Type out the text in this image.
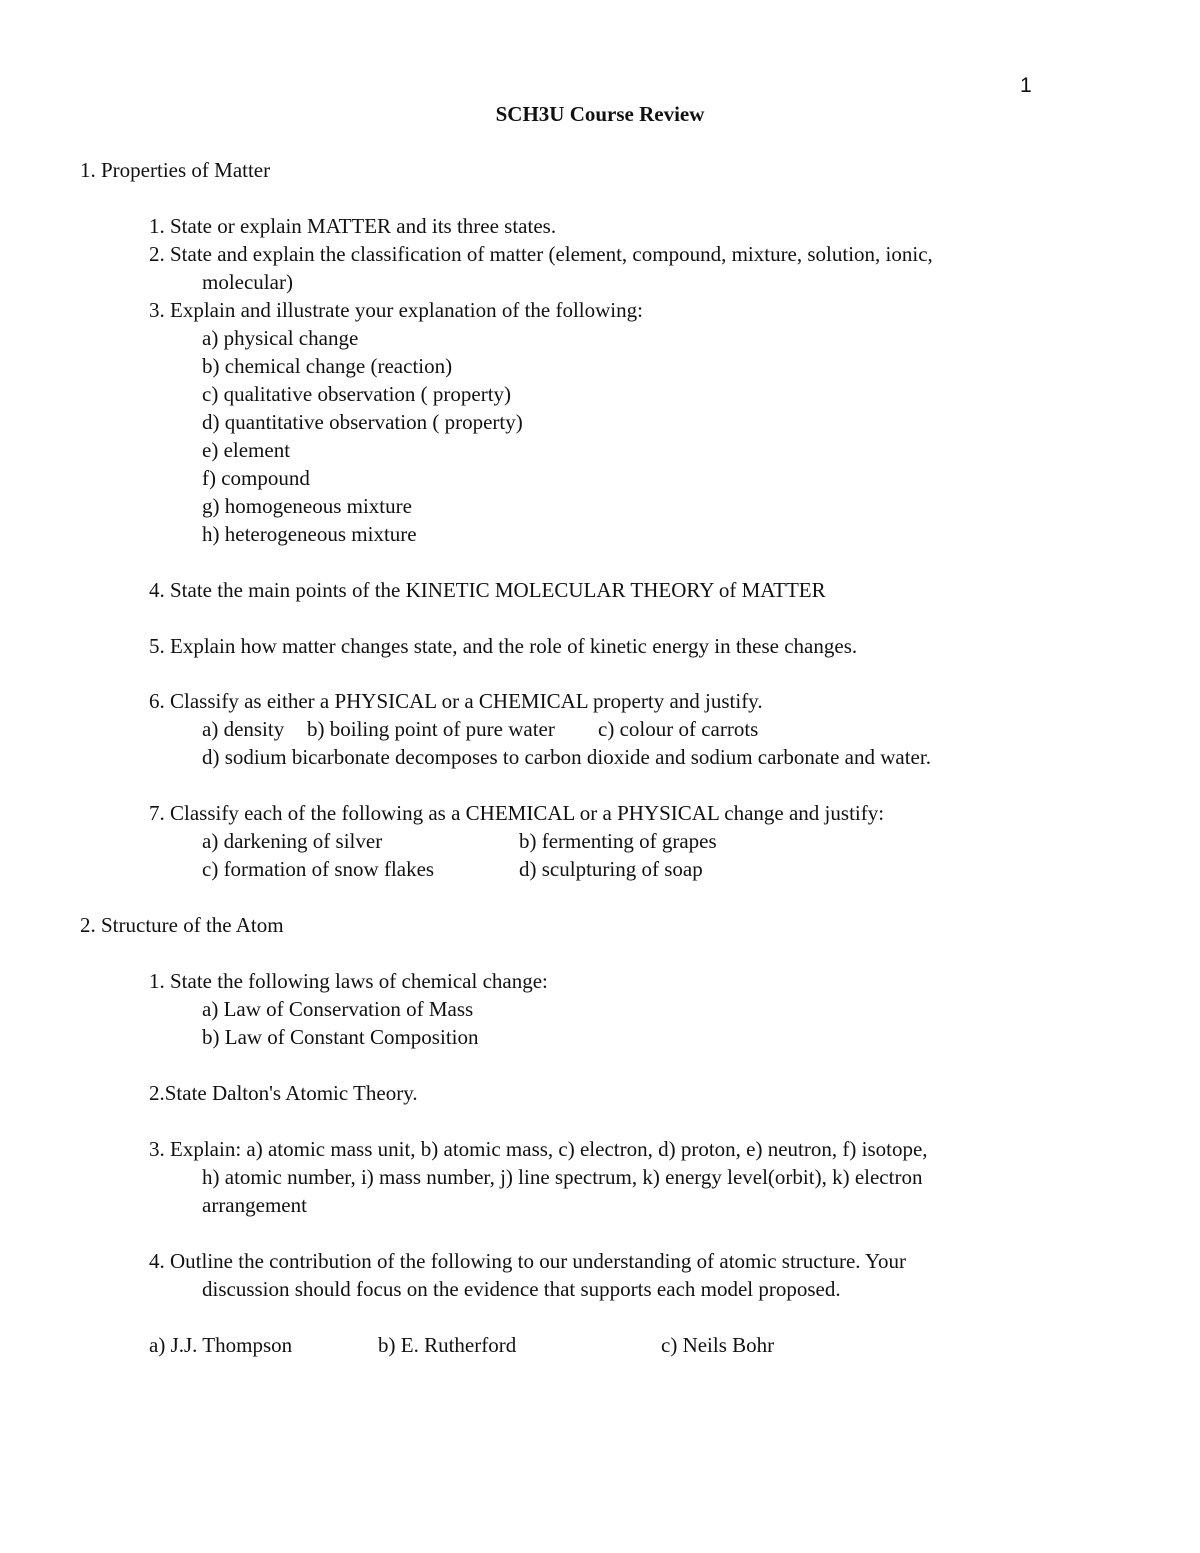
1
SCH3U Course Review
1. Properties of Matter
1. State or explain MATTER and its three states.
2. State and explain the classification of matter (element, compound, mixture, solution, ionic,
molecular)
3. Explain and illustrate your explanation of the following:
a) physical change
b) chemical change (reaction)
c) qualitative observation ( property)
d) quantitative observation ( property)
e) element
f) compound
g) homogeneous mixture
h) heterogeneous mixture
4. State the main points of the KINETIC MOLECULAR THEORY of MATTER
5. Explain how matter changes state, and the role of kinetic energy in these changes.
6. Classify as either a PHYSICAL or a CHEMICAL property and justify.
a) density b) boiling point of pure water c) colour of carrots
d) sodium bicarbonate decomposes to carbon dioxide and sodium carbonate and water.
7. Classify each of the following as a CHEMICAL or a PHYSICAL change and justify:
a) darkening of silver	b) fermenting of grapes
c) formation of snow flakes	d) sculpturing of soap
2. Structure of the Atom
1. State the following laws of chemical change:
a) Law of Conservation of Mass
b) Law of Constant Composition
2.State Dalton's Atomic Theory.
3. Explain: a) atomic mass unit, b) atomic mass, c) electron, d) proton, e) neutron, f) isotope,
h) atomic number, i) mass number, j) line spectrum, k) energy level(orbit), k) electron
arrangement
4. Outline the contribution of the following to our understanding of atomic structure. Your
discussion should focus on the evidence that supports each model proposed.
a) J.J. Thompson	b) E. Rutherford	c) Neils Bohr
